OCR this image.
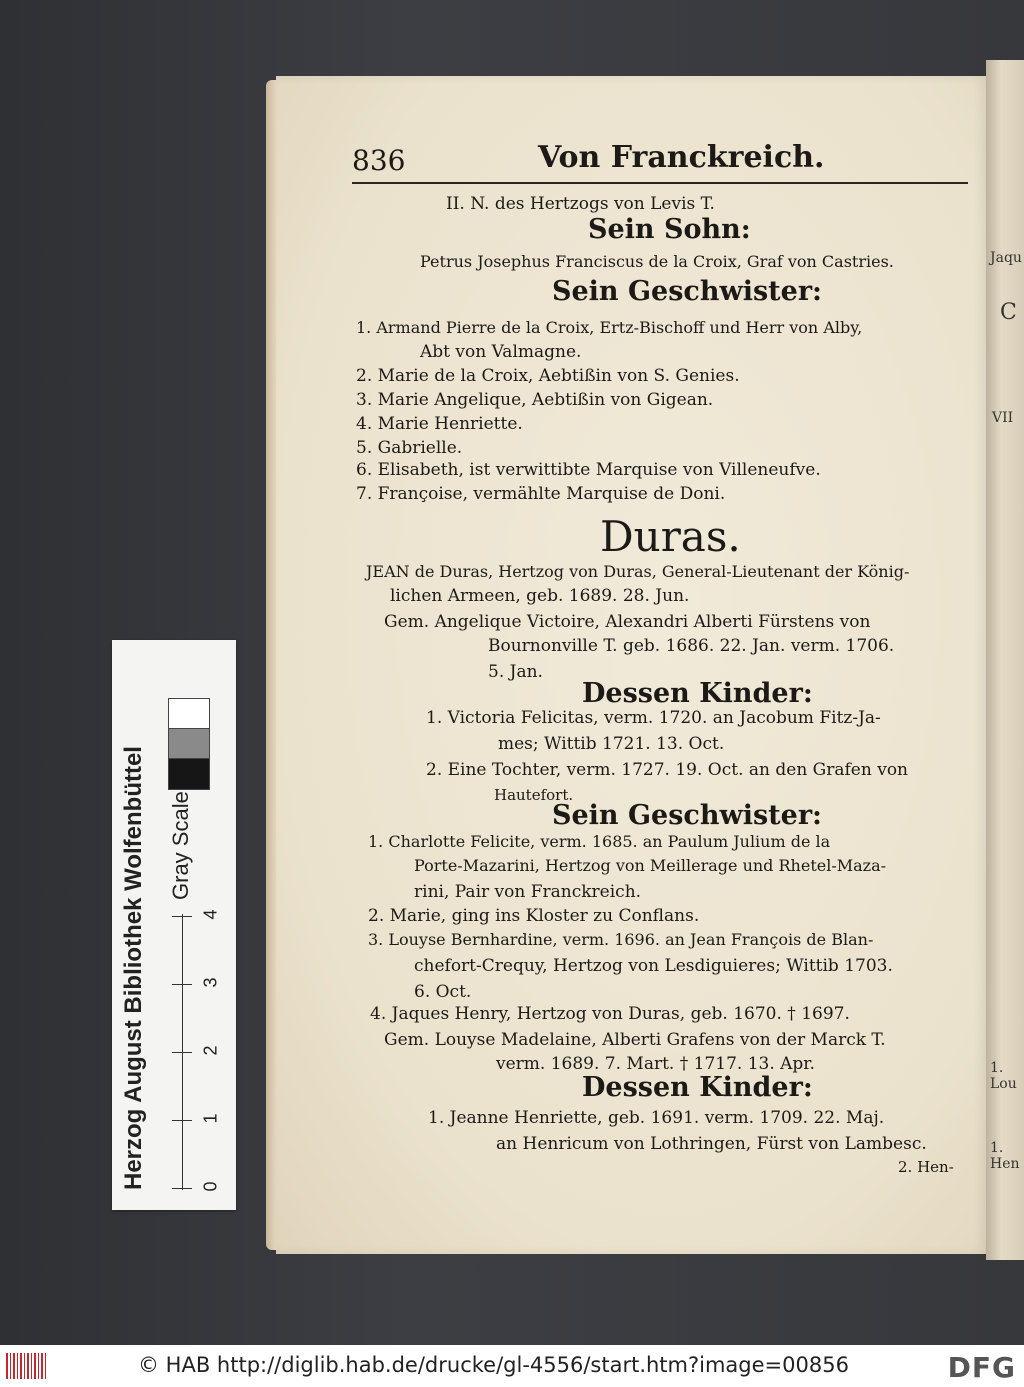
836	Von Franckreich.
II. N. des Hertzogs von Levis T.
Sein Sohn:
Petrus Josephus Franciscus de la Croix, Graf von Castries.
Sein Geschwister:
1. Armand Pierre de la Croix, Ertz-Bischoff und Herr von Alby,
Abt von Valmagne.
2. Marie de la Croix, Aebtißin von S. Genies.
3. Marie Angelique, Aebtißin von Gigean.
4. Marie Henriette.
5. Gabrielle.
6. Elisabeth, ist verwittibte Marquise von Villeneufve.
7. Françoise, vermählte Marquise de Doni.
Duras.
JEAN de Duras, Hertzog von Duras, General-Lieutenant der König-
lichen Armeen, geb. 1689. 28. Jun.
Gem. Angelique Victoire, Alexandri Alberti Fürstens von
Bournonville T. geb. 1686. 22. Jan. verm. 1706.
5. Jan.
Dessen Kinder:
1. Victoria Felicitas, verm. 1720. an Jacobum Fitz-Ja-
mes; Wittib 1721. 13. Oct.
2. Eine Tochter, verm. 1727. 19. Oct. an den Grafen von
Hautefort.
Sein Geschwister:
1. Charlotte Felicite, verm. 1685. an Paulum Julium de la
Porte-Mazarini, Hertzog von Meillerage und Rhetel-Maza-
rini, Pair von Franckreich.
2. Marie, ging ins Kloster zu Conflans.
3. Louyse Bernhardine, verm. 1696. an Jean François de Blan-
chefort-Crequy, Hertzog von Lesdiguieres; Wittib 1703.
6. Oct.
4. Jaques Henry, Hertzog von Duras, geb. 1670. † 1697.
Gem. Louyse Madelaine, Alberti Grafens von der Marck T.
verm. 1689. 7. Mart. † 1717. 13. Apr.
Dessen Kinder:
1. Jeanne Henriette, geb. 1691. verm. 1709. 22. Maj.
an Henricum von Lothringen, Fürst von Lambesc.
2. Hen-
Jaqu
C
VII
1. Lou
1. Hen
Herzog August Bibliothek Wolfenbüttel Gray Scale
0
1
2
3
4
© HAB http://diglib.hab.de/drucke/gl-4556/start.htm?image=00856	DFG
